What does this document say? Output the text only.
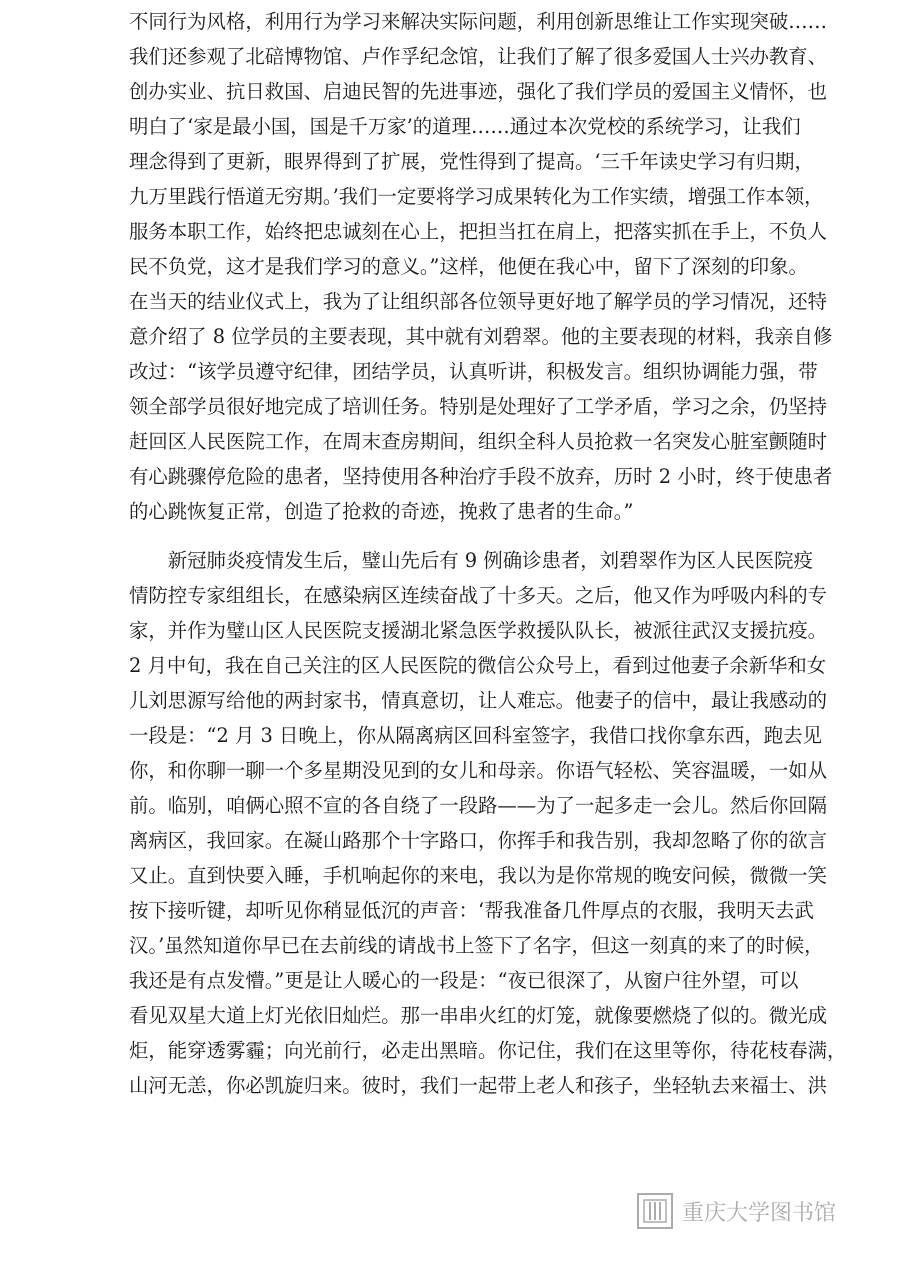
不同行为风格，利用行为学习来解决实际问题，利用创新思维让工作实现突破……
我们还参观了北碚博物馆、卢作孚纪念馆，让我们了解了很多爱国人士兴办教育、
创办实业、抗日救国、启迪民智的先进事迹，强化了我们学员的爱国主义情怀，也
明白了‘家是最小国，国是千万家’的道理……通过本次党校的系统学习，让我们
理念得到了更新，眼界得到了扩展，党性得到了提高。‘三千年读史学习有归期，
九万里践行悟道无穷期。’我们一定要将学习成果转化为工作实绩，增强工作本领，
服务本职工作，始终把忠诚刻在心上，把担当扛在肩上，把落实抓在手上，不负人
民不负党，这才是我们学习的意义。”这样，他便在我心中，留下了深刻的印象。
在当天的结业仪式上，我为了让组织部各位领导更好地了解学员的学习情况，还特
意介绍了 8 位学员的主要表现，其中就有刘碧翠。他的主要表现的材料，我亲自修
改过：“该学员遵守纪律，团结学员，认真听讲，积极发言。组织协调能力强，带
领全部学员很好地完成了培训任务。特别是处理好了工学矛盾，学习之余，仍坚持
赶回区人民医院工作，在周末查房期间，组织全科人员抢救一名突发心脏室颤随时
有心跳骤停危险的患者，坚持使用各种治疗手段不放弃，历时 2 小时，终于使患者
的心跳恢复正常，创造了抢救的奇迹，挽救了患者的生命。”
　　新冠肺炎疫情发生后，璧山先后有 9 例确诊患者，刘碧翠作为区人民医院疫
情防控专家组组长，在感染病区连续奋战了十多天。之后，他又作为呼吸内科的专
家，并作为璧山区人民医院支援湖北紧急医学救援队队长，被派往武汉支援抗疫。
2 月中旬，我在自己关注的区人民医院的微信公众号上，看到过他妻子余新华和女
儿刘思源写给他的两封家书，情真意切，让人难忘。他妻子的信中，最让我感动的
一段是：“2 月 3 日晚上，你从隔离病区回科室签字，我借口找你拿东西，跑去见
你，和你聊一聊一个多星期没见到的女儿和母亲。你语气轻松、笑容温暖，一如从
前。临别，咱俩心照不宣的各自绕了一段路——为了一起多走一会儿。然后你回隔
离病区，我回家。在凝山路那个十字路口，你挥手和我告别，我却忽略了你的欲言
又止。直到快要入睡，手机响起你的来电，我以为是你常规的晚安问候，微微一笑
按下接听键，却听见你稍显低沉的声音：‘帮我准备几件厚点的衣服，我明天去武
汉。’虽然知道你早已在去前线的请战书上签下了名字，但这一刻真的来了的时候，
我还是有点发懵。”更是让人暖心的一段是：“夜已很深了，从窗户往外望，可以
看见双星大道上灯光依旧灿烂。那一串串火红的灯笼，就像要燃烧了似的。微光成
炬，能穿透雾霾；向光前行，必走出黑暗。你记住，我们在这里等你，待花枝春满，
山河无恙，你必凯旋归来。彼时，我们一起带上老人和孩子，坐轻轨去来福士、洪
重庆大学图书馆
